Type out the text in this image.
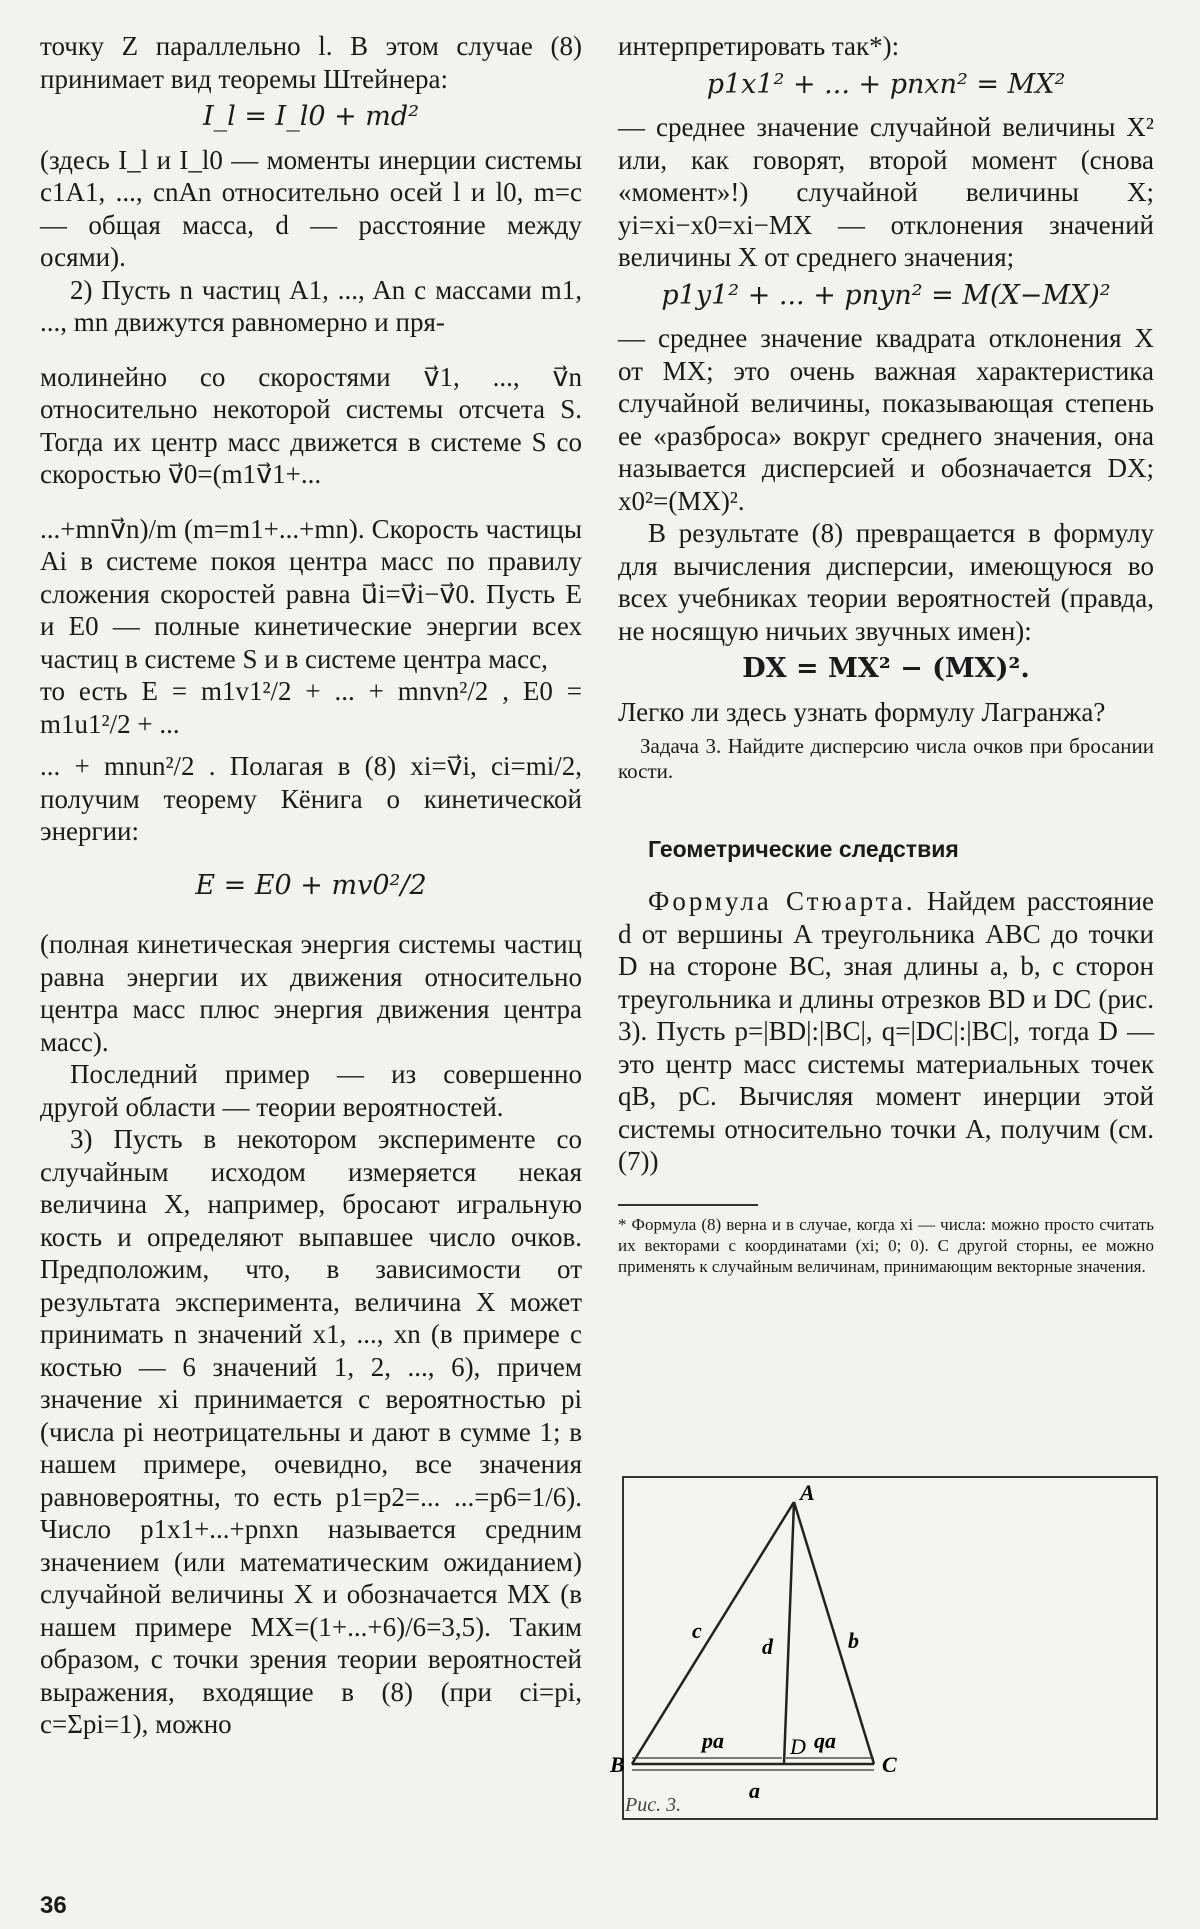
точку Z параллельно l. В этом случае (8) принимает вид теоремы Штейнера:

I_l = I_l0 + md²

(здесь I_l и I_l0 — моменты инерции системы c1A1, ..., cnAn относительно осей l и l0, m=c — общая масса, d — расстояние между осями).

2) Пусть n частиц A1, ..., An с массами m1, ..., mn движутся равномерно и пря-

молинейно со скоростями v⃗1, ..., v⃗n относительно некоторой системы отсчета S. Тогда их центр масс движется в системе S со скоростью v⃗0=(m1v⃗1+...

...+mnv⃗n)/m (m=m1+...+mn). Скорость частицы Ai в системе покоя центра масс по правилу сложения скоростей равна u⃗i=v⃗i−v⃗0. Пусть E и E0 — полные кинетические энергии всех частиц в системе S и в системе центра масс,

то есть E = m1v1²/2 + ... + mnvn²/2 , E0 = m1u1²/2 + ...

... + mnun²/2 . Полагая в (8) xi=v⃗i, ci=mi/2, получим теорему Кёнига о кинетической энергии:

E = E0 + mv0²/2

(полная кинетическая энергия системы частиц равна энергии их движения относительно центра масс плюс энергия движения центра масс).

Последний пример — из совершенно другой области — теории вероятностей.

3) Пусть в некотором эксперименте со случайным исходом измеряется некая величина X, например, бросают игральную кость и определяют выпавшее число очков. Предположим, что, в зависимости от результата эксперимента, величина X может принимать n значений x1, ..., xn (в примере с костью — 6 значений 1, 2, ..., 6), причем значение xi принимается с вероятностью pi (числа pi неотрицательны и дают в сумме 1; в нашем примере, очевидно, все значения равновероятны, то есть p1=p2=... ...=p6=1/6). Число p1x1+...+pnxn называется средним значением (или математическим ожиданием) случайной величины X и обозначается MX (в нашем примере MX=(1+...+6)/6=3,5). Таким образом, с точки зрения теории вероятностей выражения, входящие в (8) (при ci=pi, c=Σpi=1), можно

интерпретировать так*):

p1x1² + ... + pnxn² = MX²

— среднее значение случайной величины X² или, как говорят, второй момент (снова «момент»!) случайной величины X; yi=xi−x0=xi−MX — отклонения значений величины X от среднего значения;

p1y1² + ... + pnyn² = M(X−MX)²

— среднее значение квадрата отклонения X от MX; это очень важная характеристика случайной величины, показывающая степень ее «разброса» вокруг среднего значения, она называется дисперсией и обозначается DX; x0²=(MX)².

В результате (8) превращается в формулу для вычисления дисперсии, имеющуюся во всех учебниках теории вероятностей (правда, не носящую ничьих звучных имен):

DX = MX² − (MX)².

Легко ли здесь узнать формулу Лагранжа?

Задача 3. Найдите дисперсию числа очков при бросании кости.

Геометрические следствия

Формула Стюарта. Найдем расстояние d от вершины A треугольника ABC до точки D на стороне BC, зная длины a, b, c сторон треугольника и длины отрезков BD и DC (рис. 3). Пусть p=|BD|:|BC|, q=|DC|:|BC|, тогда D — это центр масс системы материальных точек qB, pC. Вычисляя момент инерции этой системы относительно точки A, получим (см. (7))

* Формула (8) верна и в случае, когда xi — числа: можно просто считать их векторами с координатами (xi; 0; 0). С другой сторны, ее можно применять к случайным величинам, принимающим векторные значения.

A
B	C
D
a
b
c
d
pa	qa
Рис. 3.
36
